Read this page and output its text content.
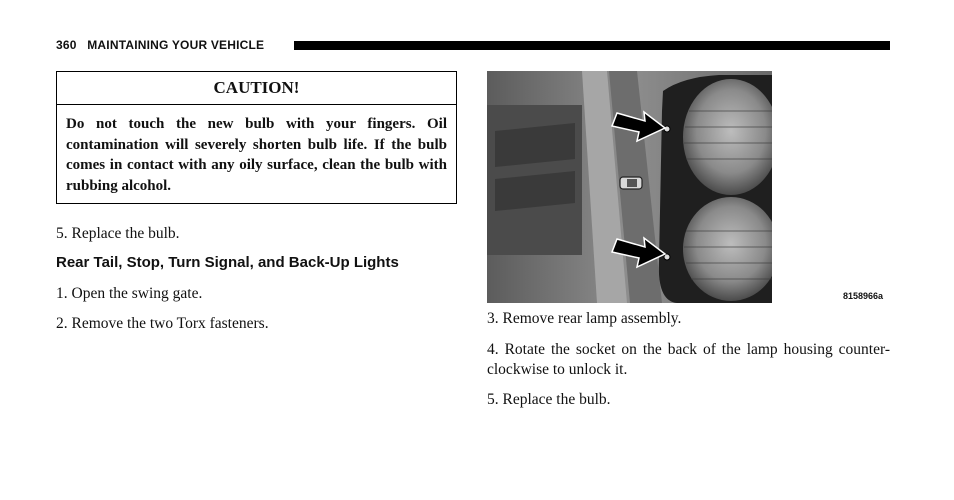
360 MAINTAINING YOUR VEHICLE
CAUTION!
Do not touch the new bulb with your fingers. Oil contamination will severely shorten bulb life. If the bulb comes in contact with any oily surface, clean the bulb with rubbing alcohol.
5. Replace the bulb.
Rear Tail, Stop, Turn Signal, and Back-Up Lights
1. Open the swing gate.
2. Remove the two Torx fasteners.
8158966a
3. Remove rear lamp assembly.
4. Rotate the socket on the back of the lamp housing counter-clockwise to unlock it.
5. Replace the bulb.
